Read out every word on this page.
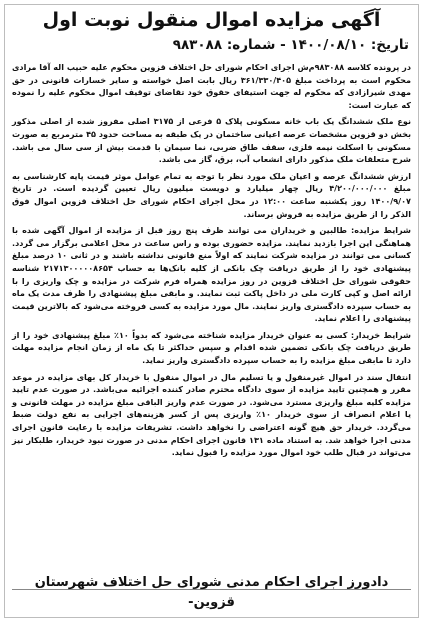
آگهی مزایده اموال منقول نوبت اول
تاریخ: ۱۴۰۰/۰۸/۱۰ - شماره: ۹۸۳۰۸۸

در پرونده کلاسه ۹۸۳۰۸۸م‌ش اجرای احکام شورای حل اختلاف قزوین محکوم علیه حبیب اله آقا مرادی محکوم است به پرداخت مبلغ ۳۶۱/۳۳۰/۴۰۵ ریال بابت اصل خواسته و سایر خسارات قانونی در حق مهدی شیرازادی که محکوم له جهت استیفای حقوق خود تقاضای توقیف اموال محکوم علیه را نموده که عبارت است:

نوع ملک ششدانگ یک باب خانه مسکونی پلاک ۵ فرعی از ۳۱۷۵ اصلی مفروز شده از اصلی مذکور بخش دو قزوین مشخصات عرصه اعیانی ساختمان در یک طبقه به مساحت حدود ۴۵ مترمربع به صورت مسکونی با اسکلت نیمه فلزی، سقف طاق ضربی، نما سیمان با قدمت بیش از سی سال می باشد. شرح متعلقات ملک مذکور دارای انشعاب آب، برق، گاز می باشد.

ارزش ششدانگ عرصه و اعیان ملک مورد نظر با توجه به تمام عوامل موثر قیمت پایه کارشناسی به مبلغ ۴/۲۰۰/۰۰۰/۰۰۰ ریال چهار میلیارد و دویست میلیون ریال تعیین گردیده است. در تاریخ ۱۴۰۰/۹/۰۷ روز یکشنبه ساعت ۱۲:۰۰ در محل اجرای احکام شورای حل اختلاف قزوین اموال فوق الذکر را از طریق مزایده به فروش برساند.

شرایط مزایده: طالبین و خریداران می توانند ظرف پنج روز قبل از مزایده از اموال آگهی شده با هماهنگی این اجرا بازدید نمایند. مزایده حضوری بوده و راس ساعت در محل اعلامی برگزار می گردد. کسانی می توانند در مزایده شرکت نمایند که اولاً منع قانونی نداشته باشند و در ثانی ۱۰ درصد مبلغ پیشنهادی خود را از طریق دریافت چک بانکی از کلیه بانک‌ها به حساب ۲۱۷۱۳۰۰۰۰۰۸۶۵۴ شناسه حقوقی شورای حل اختلاف قزوین در روز مزایده همراه فرم شرکت در مزایده و چک واریزی را با ارائه اصل و کپی کارت ملی در داخل پاکت ثبت نمایند. و مابقی مبلغ پیشنهادی را ظرف مدت یک ماه به حساب سپرده دادگستری واریز نمایند. مال مورد مزایده به کسی فروخته می‌شود که بالاترین قیمت پیشنهادی را اعلام نماید.

شرایط خریدار: کسی به عنوان خریدار مزایده شناخته می‌شود که بدواً ۱۰٪ مبلغ پیشنهادی خود را از طریق دریافت چک بانکی تضمین شده اقدام و سپس حداکثر تا یک ماه از زمان انجام مزایده مهلت دارد تا مابقی مبلغ مزایده را به حساب سپرده دادگستری واریز نماید.

انتقال سند در اموال غیرمنقول و یا تسلیم مال در اموال منقول با خریدار کل بهای مزایده در موعد مقرر و همچنین تایید مزایده از سوی دادگاه محترم صادر کننده اجرائیه می‌باشد. در صورت عدم تایید مزایده کلیه مبلغ واریزی مسترد می‌شود. در صورت عدم واریز الباقی مبلغ مزایده در مهلت قانونی و یا اعلام انصراف از سوی خریدار ۱۰٪ واریزی پس از کسر هزینه‌های اجرایی به نفع دولت ضبط می‌گردد. خریدار حق هیچ گونه اعتراضی را نخواهد داشت. تشریفات مزایده با رعایت قانون اجرای مدنی اجرا خواهد شد. به استناد ماده ۱۳۱ قانون اجرای احکام مدنی در صورت نبود خریدار، طلبکار نیز می‌تواند در قبال طلب خود اموال مورد مزایده را قبول نماید.

دادورز اجرای احکام مدنی شورای حل اختلاف شهرستان قزوین-
